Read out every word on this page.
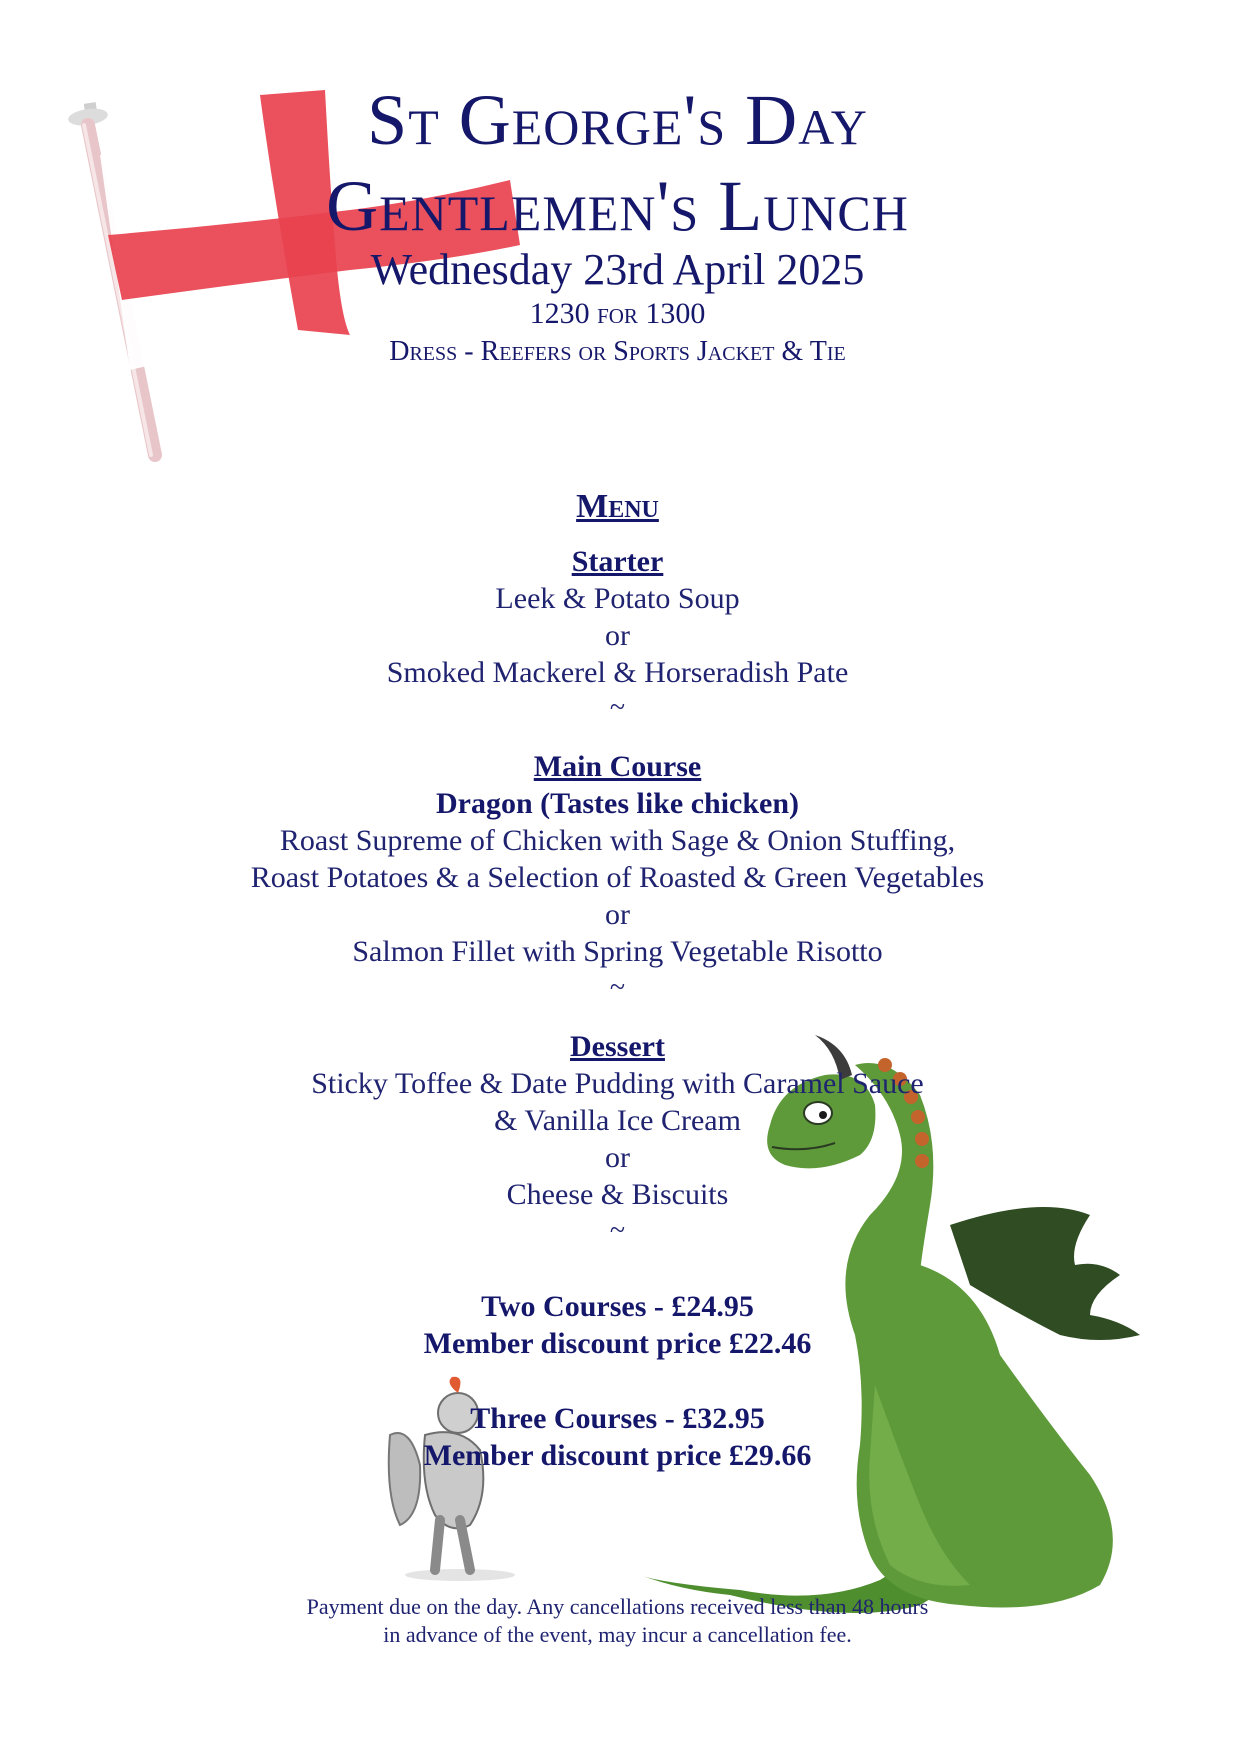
St George's Day
Gentlemen's Lunch
Wednesday 23rd April 2025
1230 for 1300
Dress - Reefers or Sports Jacket & Tie
Menu
Starter
Leek & Potato Soup
or
Smoked Mackerel & Horseradish Pate
~
Main Course
Dragon (Tastes like chicken)
Roast Supreme of Chicken with Sage & Onion Stuffing,
Roast Potatoes & a Selection of Roasted & Green Vegetables
or
Salmon Fillet with Spring Vegetable Risotto
~
Dessert
Sticky Toffee & Date Pudding with Caramel Sauce
& Vanilla Ice Cream
or
Cheese & Biscuits
~
Two Courses - £24.95
Member discount price £22.46
Three Courses - £32.95
Member discount price £29.66
Payment due on the day. Any cancellations received less than 48 hours
in advance of the event, may incur a cancellation fee.
